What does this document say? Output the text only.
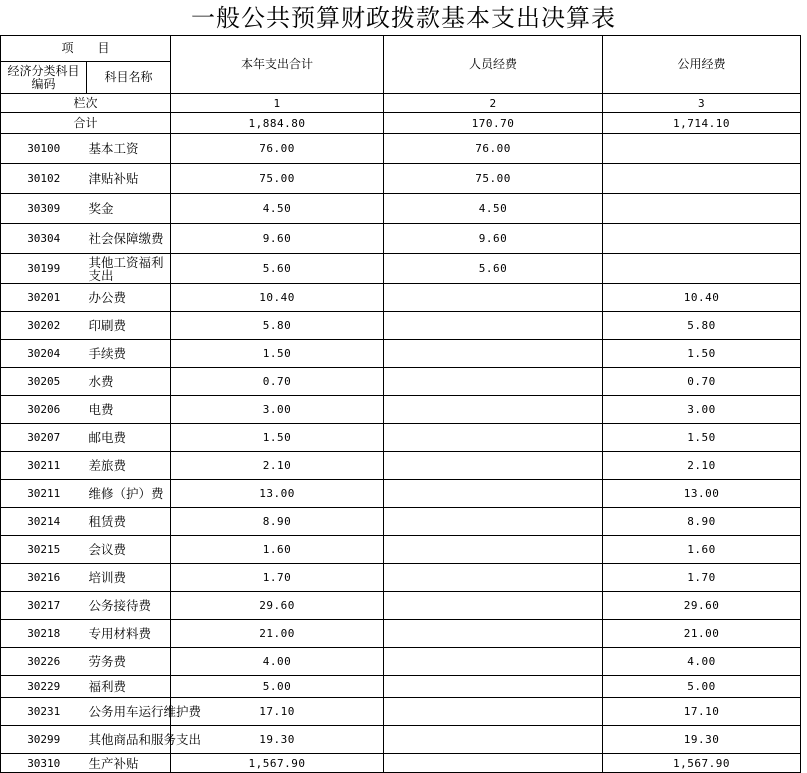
一般公共预算财政拨款基本支出决算表
项　　目		本年支出合计	人员经费	公用经费
经济分类科目编码	科目名称			
栏次		1	2	3
合计		1,884.80	170.70	1,714.10
30100	基本工资	76.00	76.00	
30102	津贴补贴	75.00	75.00	
30309	奖金	4.50	4.50	
30304	社会保障缴费	9.60	9.60	
30199	其他工资福利支出	5.60	5.60	
30201	办公费	10.40		10.40
30202	印刷费	5.80		5.80
30204	手续费	1.50		1.50
30205	水费	0.70		0.70
30206	电费	3.00		3.00
30207	邮电费	1.50		1.50
30211	差旅费	2.10		2.10
30211	维修（护）费	13.00		13.00
30214	租赁费	8.90		8.90
30215	会议费	1.60		1.60
30216	培训费	1.70		1.70
30217	公务接待费	29.60		29.60
30218	专用材料费	21.00		21.00
30226	劳务费	4.00		4.00
30229	福利费	5.00		5.00
30231	公务用车运行维护费	17.10		17.10
30299	其他商品和服务支出	19.30		19.30
30310	生产补贴	1,567.90		1,567.90
